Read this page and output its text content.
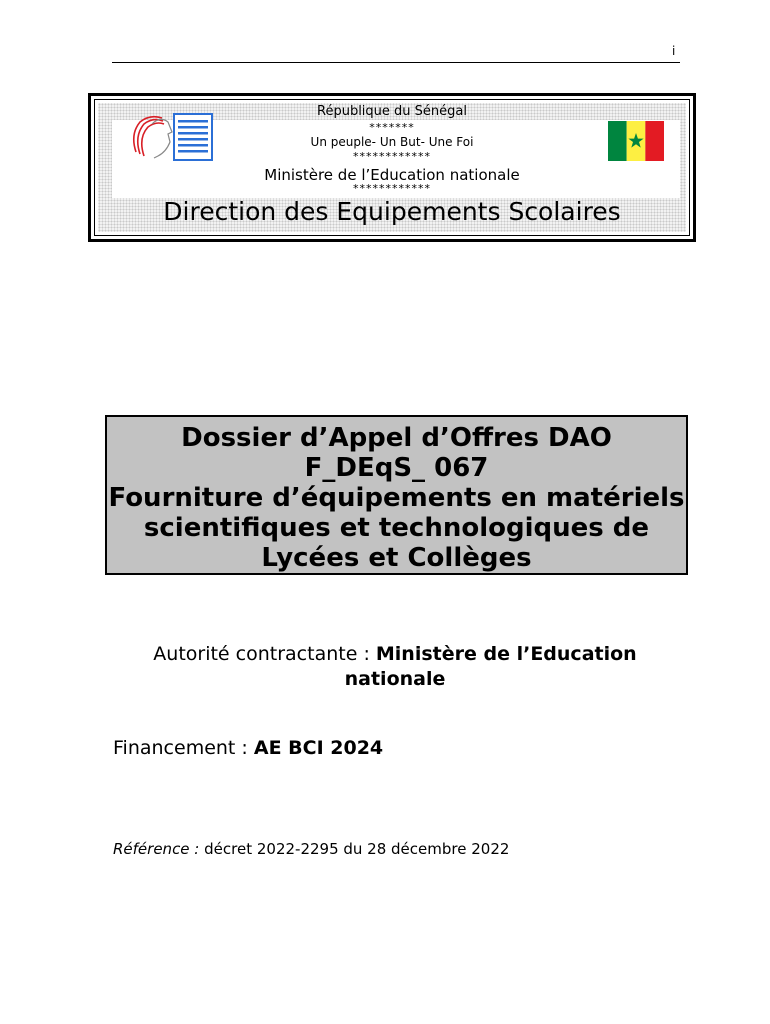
i
République du Sénégal
*******
Un peuple- Un But- Une Foi
************
Ministère de l’Education nationale
************
Direction des Equipements Scolaires
Dossier d’Appel d’Offres DAO
F_DEqS_ 067
Fourniture d’équipements en matériels
scientifiques et technologiques de
Lycées et Collèges
Autorité contractante : Ministère de l’Education
nationale
Financement : AE BCI 2024
Référence : décret 2022-2295 du 28 décembre 2022
